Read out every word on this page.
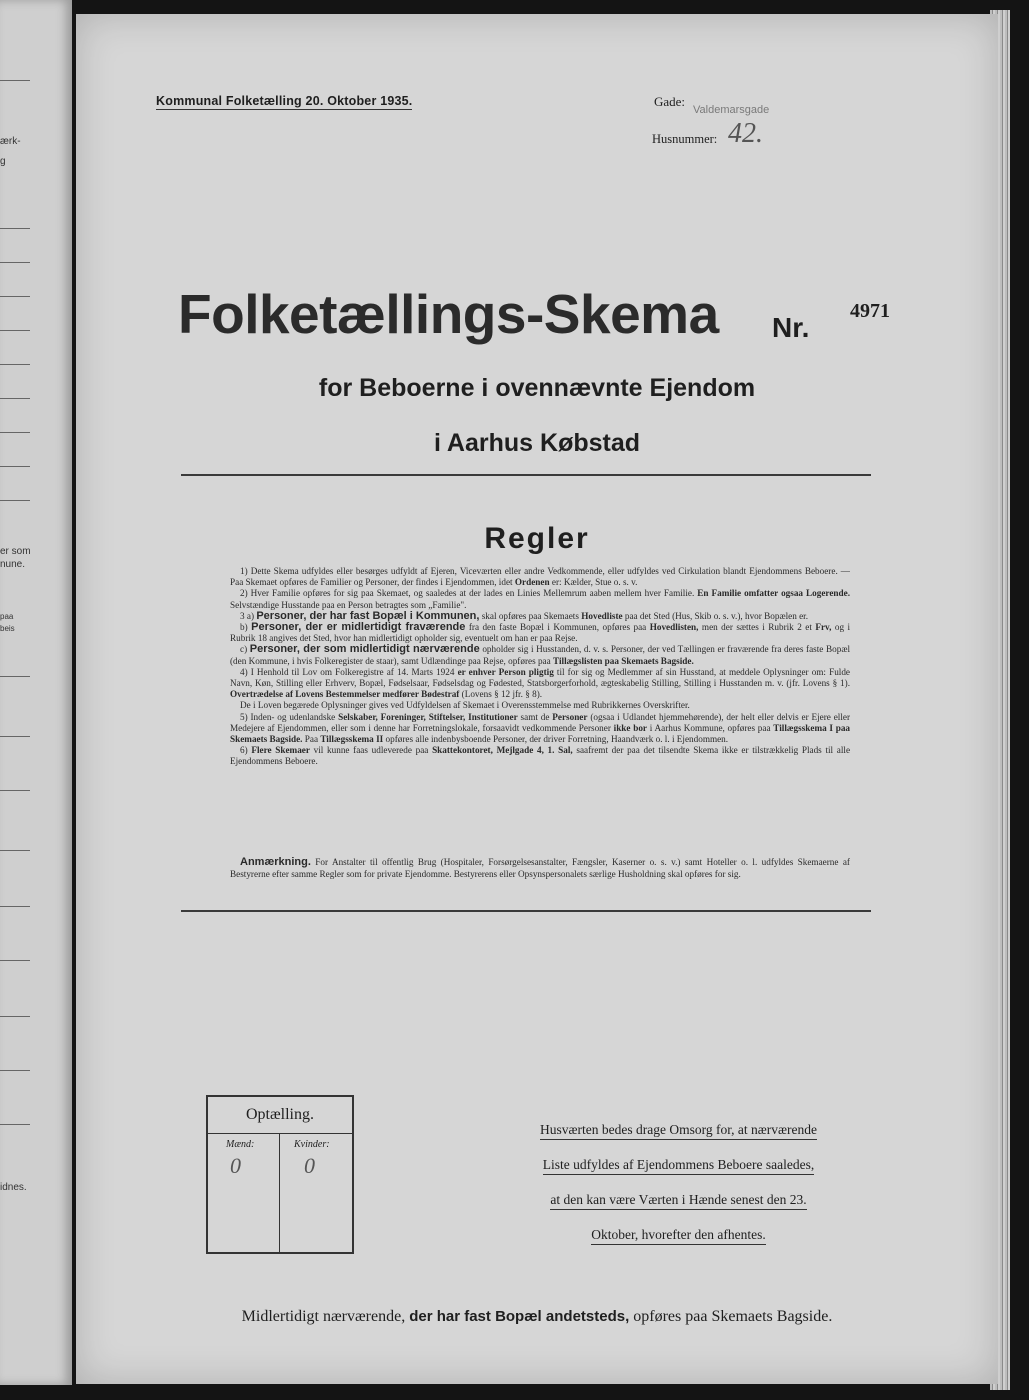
ærk-
g
er som
nune.
paa
beis
idnes.
Kommunal Folketælling 20. Oktober 1935.	Gade:
Valdemarsgade
Husnummer: 42.
Folketællings-Skema Nr.
4971
for Beboerne i ovennævnte Ejendom
i Aarhus Købstad
Regler

1) Dette Skema udfyldes eller besørges udfyldt af Ejeren, Viceværten eller andre Vedkommende, eller udfyldes ved Cirkulation blandt Ejendommens Beboere. — Paa Skemaet opføres de Familier og Personer, der findes i Ejendommen, idet Ordenen er: Kælder, Stue o. s. v.

2) Hver Familie opføres for sig paa Skemaet, og saaledes at der lades en Linies Mellemrum aaben mellem hver Familie. En Familie omfatter ogsaa Logerende. Selvstændige Husstande paa en Person betragtes som „Familie".

3 a) Personer, der har fast Bopæl i Kommunen, skal opføres paa Skemaets Hovedliste paa det Sted (Hus, Skib o. s. v.), hvor Bopælen er.

b) Personer, der er midlertidigt fraværende fra den faste Bopæl i Kommunen, opføres paa Hovedlisten, men der sættes i Rubrik 2 et Frv, og i Rubrik 18 angives det Sted, hvor han midlertidigt opholder sig, eventuelt om han er paa Rejse.

c) Personer, der som midlertidigt nærværende opholder sig i Husstanden, d. v. s. Personer, der ved Tællingen er fraværende fra deres faste Bopæl (den Kommune, i hvis Folkeregister de staar), samt Udlændinge paa Rejse, opføres paa Tillægslisten paa Skemaets Bagside.

4) I Henhold til Lov om Folkeregistre af 14. Marts 1924 er enhver Person pligtig til for sig og Medlemmer af sin Husstand, at meddele Oplysninger om: Fulde Navn, Køn, Stilling eller Erhverv, Bopæl, Fødselsaar, Fødselsdag og Fødested, Statsborgerforhold, ægteskabelig Stilling, Stilling i Husstanden m. v. (jfr. Lovens § 1). Overtrædelse af Lovens Bestemmelser medfører Bødestraf (Lovens § 12 jfr. § 8).

De i Loven begærede Oplysninger gives ved Udfyldelsen af Skemaet i Overensstemmelse med Rubrikkernes Overskrifter.

5) Inden- og udenlandske Selskaber, Foreninger, Stiftelser, Institutioner samt de Personer (ogsaa i Udlandet hjemmehørende), der helt eller delvis er Ejere eller Medejere af Ejendommen, eller som i denne har Forretningslokale, forsaavidt vedkommende Personer ikke bor i Aarhus Kommune, opføres paa Tillægsskema I paa Skemaets Bagside. Paa Tillægsskema II opføres alle indenbysboende Personer, der driver Forretning, Haandværk o. l. i Ejendommen.

6) Flere Skemaer vil kunne faas udleverede paa Skattekontoret, Mejlgade 4, 1. Sal, saafremt der paa det tilsendte Skema ikke er tilstrækkelig Plads til alle Ejendommens Beboere.

Anmærkning. For Anstalter til offentlig Brug (Hospitaler, Forsørgelsesanstalter, Fængsler, Kaserner o. s. v.) samt Hoteller o. l. udfyldes Skemaerne af Bestyrerne efter samme Regler som for private Ejendomme. Bestyrerens eller Opsynspersonalets særlige Husholdning skal opføres for sig.

Optælling.
Mænd:	Kvinder:
0	0
Husværten bedes drage Omsorg for, at nærværende
Liste udfyldes af Ejendommens Beboere saaledes,
at den kan være Værten i Hænde senest den 23.
Oktober, hvorefter den afhentes.
Midlertidigt nærværende, der har fast Bopæl andetsteds, opføres paa Skemaets Bagside.
